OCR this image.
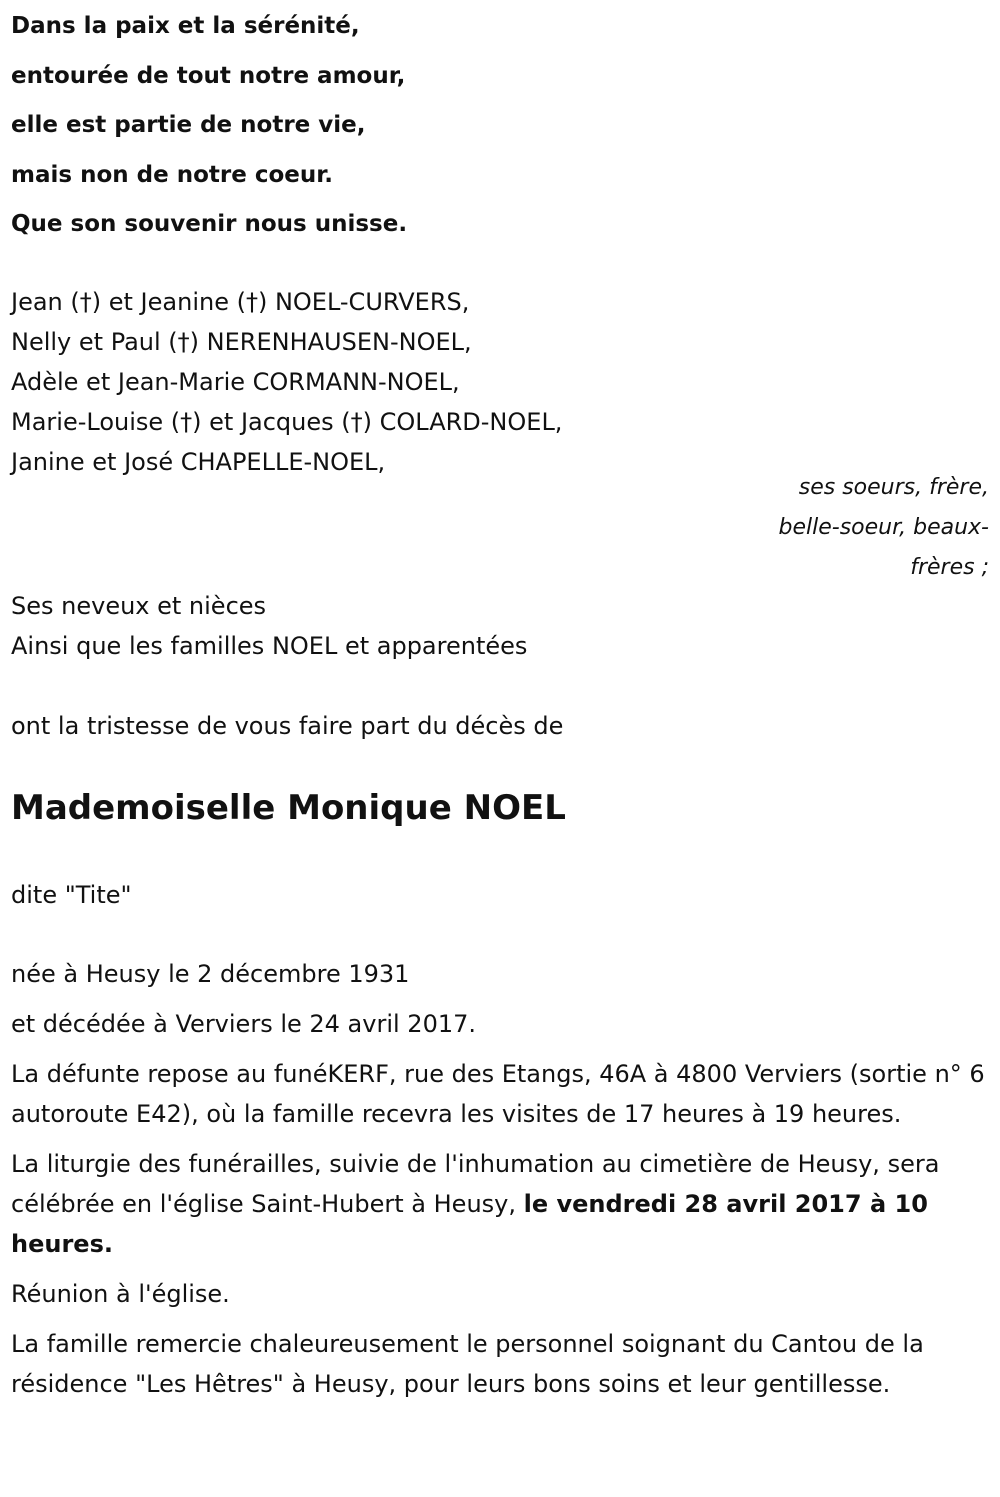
Dans la paix et la sérénité,
entourée de tout notre amour,
elle est partie de notre vie,
mais non de notre coeur.
Que son souvenir nous unisse.
Jean (†) et Jeanine (†) NOEL-CURVERS,
Nelly et Paul (†) NERENHAUSEN-NOEL,
Adèle et Jean-Marie CORMANN-NOEL,
Marie-Louise (†) et Jacques (†) COLARD-NOEL,
Janine et José CHAPELLE-NOEL,
ses soeurs, frère, belle-soeur, beaux-frères ;
Ses neveux et nièces
Ainsi que les familles NOEL et apparentées
ont la tristesse de vous faire part du décès de
Mademoiselle Monique NOEL
dite "Tite"

née à Heusy le 2 décembre 1931

et décédée à Verviers le 24 avril 2017.

La défunte repose au funéKERF, rue des Etangs, 46A à 4800 Verviers (sortie n° 6 autoroute E42), où la famille recevra les visites de 17 heures à 19 heures.

La liturgie des funérailles, suivie de l'inhumation au cimetière de Heusy, sera célébrée en l'église Saint-Hubert à Heusy, le vendredi 28 avril 2017 à 10 heures.

Réunion à l'église.

La famille remercie chaleureusement le personnel soignant du Cantou de la résidence "Les Hêtres" à Heusy, pour leurs bons soins et leur gentillesse.
